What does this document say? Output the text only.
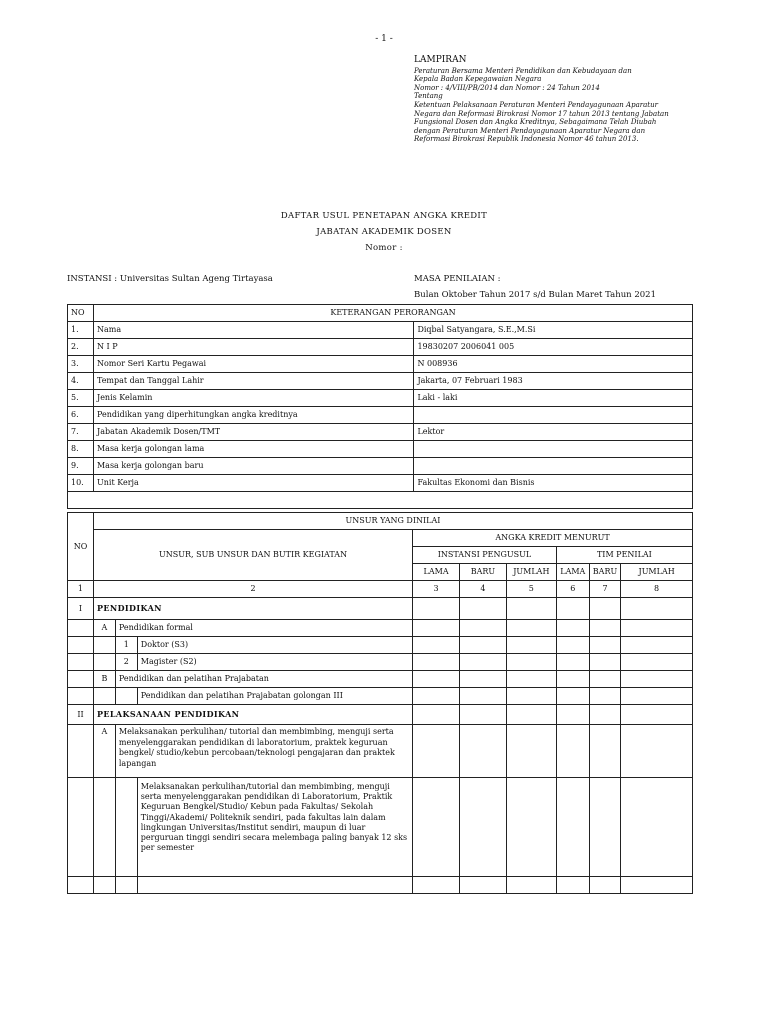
- 1 -
LAMPIRAN
Peraturan Bersama Menteri Pendidikan dan Kebudayaan dan
Kepala Badan Kepegawaian Negara
Nomor : 4/VIII/PB/2014 dan Nomor : 24 Tahun 2014
Tentang
Ketentuan Pelaksanaan Peraturan Menteri Pendayagunaan Aparatur
Negara dan Reformasi Birokrasi Nomor 17 tahun 2013 tentang Jabatan
Fungsional Dosen dan Angka Kreditnya, Sebagaimana Telah Diubah
dengan Peraturan Menteri Pendayagunaan Aparatur Negara dan
Reformasi Birokrasi Republik Indonesia Nomor 46 tahun 2013.
DAFTAR USUL PENETAPAN ANGKA KREDIT
JABATAN AKADEMIK DOSEN
Nomor :
INSTANSI : Universitas Sultan Ageng Tirtayasa	MASA PENILAIAN :
Bulan Oktober Tahun 2017 s/d Bulan Maret Tahun 2021
NO	KETERANGAN PERORANGAN	
1.	Nama	Diqbal Satyangara, S.E.,M.Si
2.	N I P	19830207 2006041 005
3.	Nomor Seri Kartu Pegawai	N 008936
4.	Tempat dan Tanggal Lahir	Jakarta, 07 Februari 1983
5.	Jenis Kelamin	Laki - laki
6.	Pendidikan yang diperhitungkan angka kreditnya	
7.	Jabatan Akademik Dosen/TMT	Lektor
8.	Masa kerja golongan lama	
9.	Masa kerja golongan baru	
10.	Unit Kerja	Fakultas Ekonomi dan Bisnis

NO	UNSUR YANG DINILAI								
	UNSUR, SUB UNSUR DAN BUTIR KEGIATAN			ANGKA KREDIT MENURUT					
				INSTANSI PENGUSUL			TIM PENILAI		
				LAMA	BARU	JUMLAH	LAMA	BARU	JUMLAH
1	2			3	4	5	6	7	8
I	PENDIDIKAN								
	A	Pendidikan formal							
		1	Doktor (S3)						
		2	Magister (S2)						
	B	Pendidikan dan pelatihan Prajabatan							
			Pendidikan dan pelatihan Prajabatan golongan III						
II	PELAKSANAAN PENDIDIKAN								
	A	Melaksanakan perkulihan/ tutorial dan membimbing, menguji serta menyelenggarakan pendidikan di laboratorium, praktek keguruan bengkel/ studio/kebun percobaan/teknologi pengajaran dan praktek lapangan							
			Melaksanakan perkulihan/tutorial dan membimbing, menguji serta menyelenggarakan pendidikan di Laboratorium, Praktik Keguruan Bengkel/Studio/ Kebun pada Fakultas/ Sekolah Tinggi/Akademi/ Politeknik sendiri, pada fakultas lain dalam lingkungan Universitas/Institut sendiri, maupun di luar perguruan tinggi sendiri secara melembaga paling banyak 12 sks per semester						
